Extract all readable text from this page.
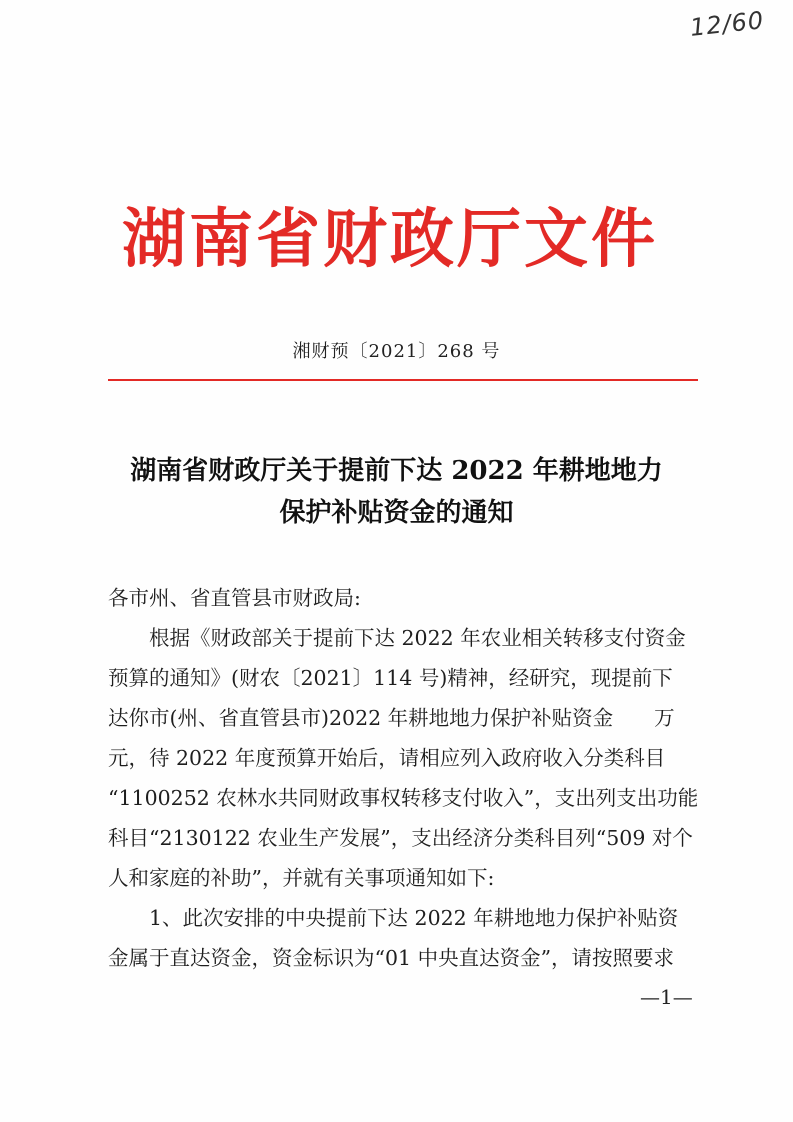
12/60
湖南省财政厅文件
湘财预〔2021〕268 号
湖南省财政厅关于提前下达 2022 年耕地地力
保护补贴资金的通知

各市州、省直管县市财政局:

根据《财政部关于提前下达 2022 年农业相关转移支付资金

预算的通知》(财农〔2021〕114 号)精神，经研究，现提前下

达你市(州、省直管县市)2022 年耕地地力保护补贴资金　　万

元，待 2022 年度预算开始后，请相应列入政府收入分类科目

“1100252 农林水共同财政事权转移支付收入”，支出列支出功能

科目“2130122 农业生产发展”，支出经济分类科目列“509 对个

人和家庭的补助”，并就有关事项通知如下:

1、此次安排的中央提前下达 2022 年耕地地力保护补贴资

金属于直达资金，资金标识为“01 中央直达资金”，请按照要求

—1—
